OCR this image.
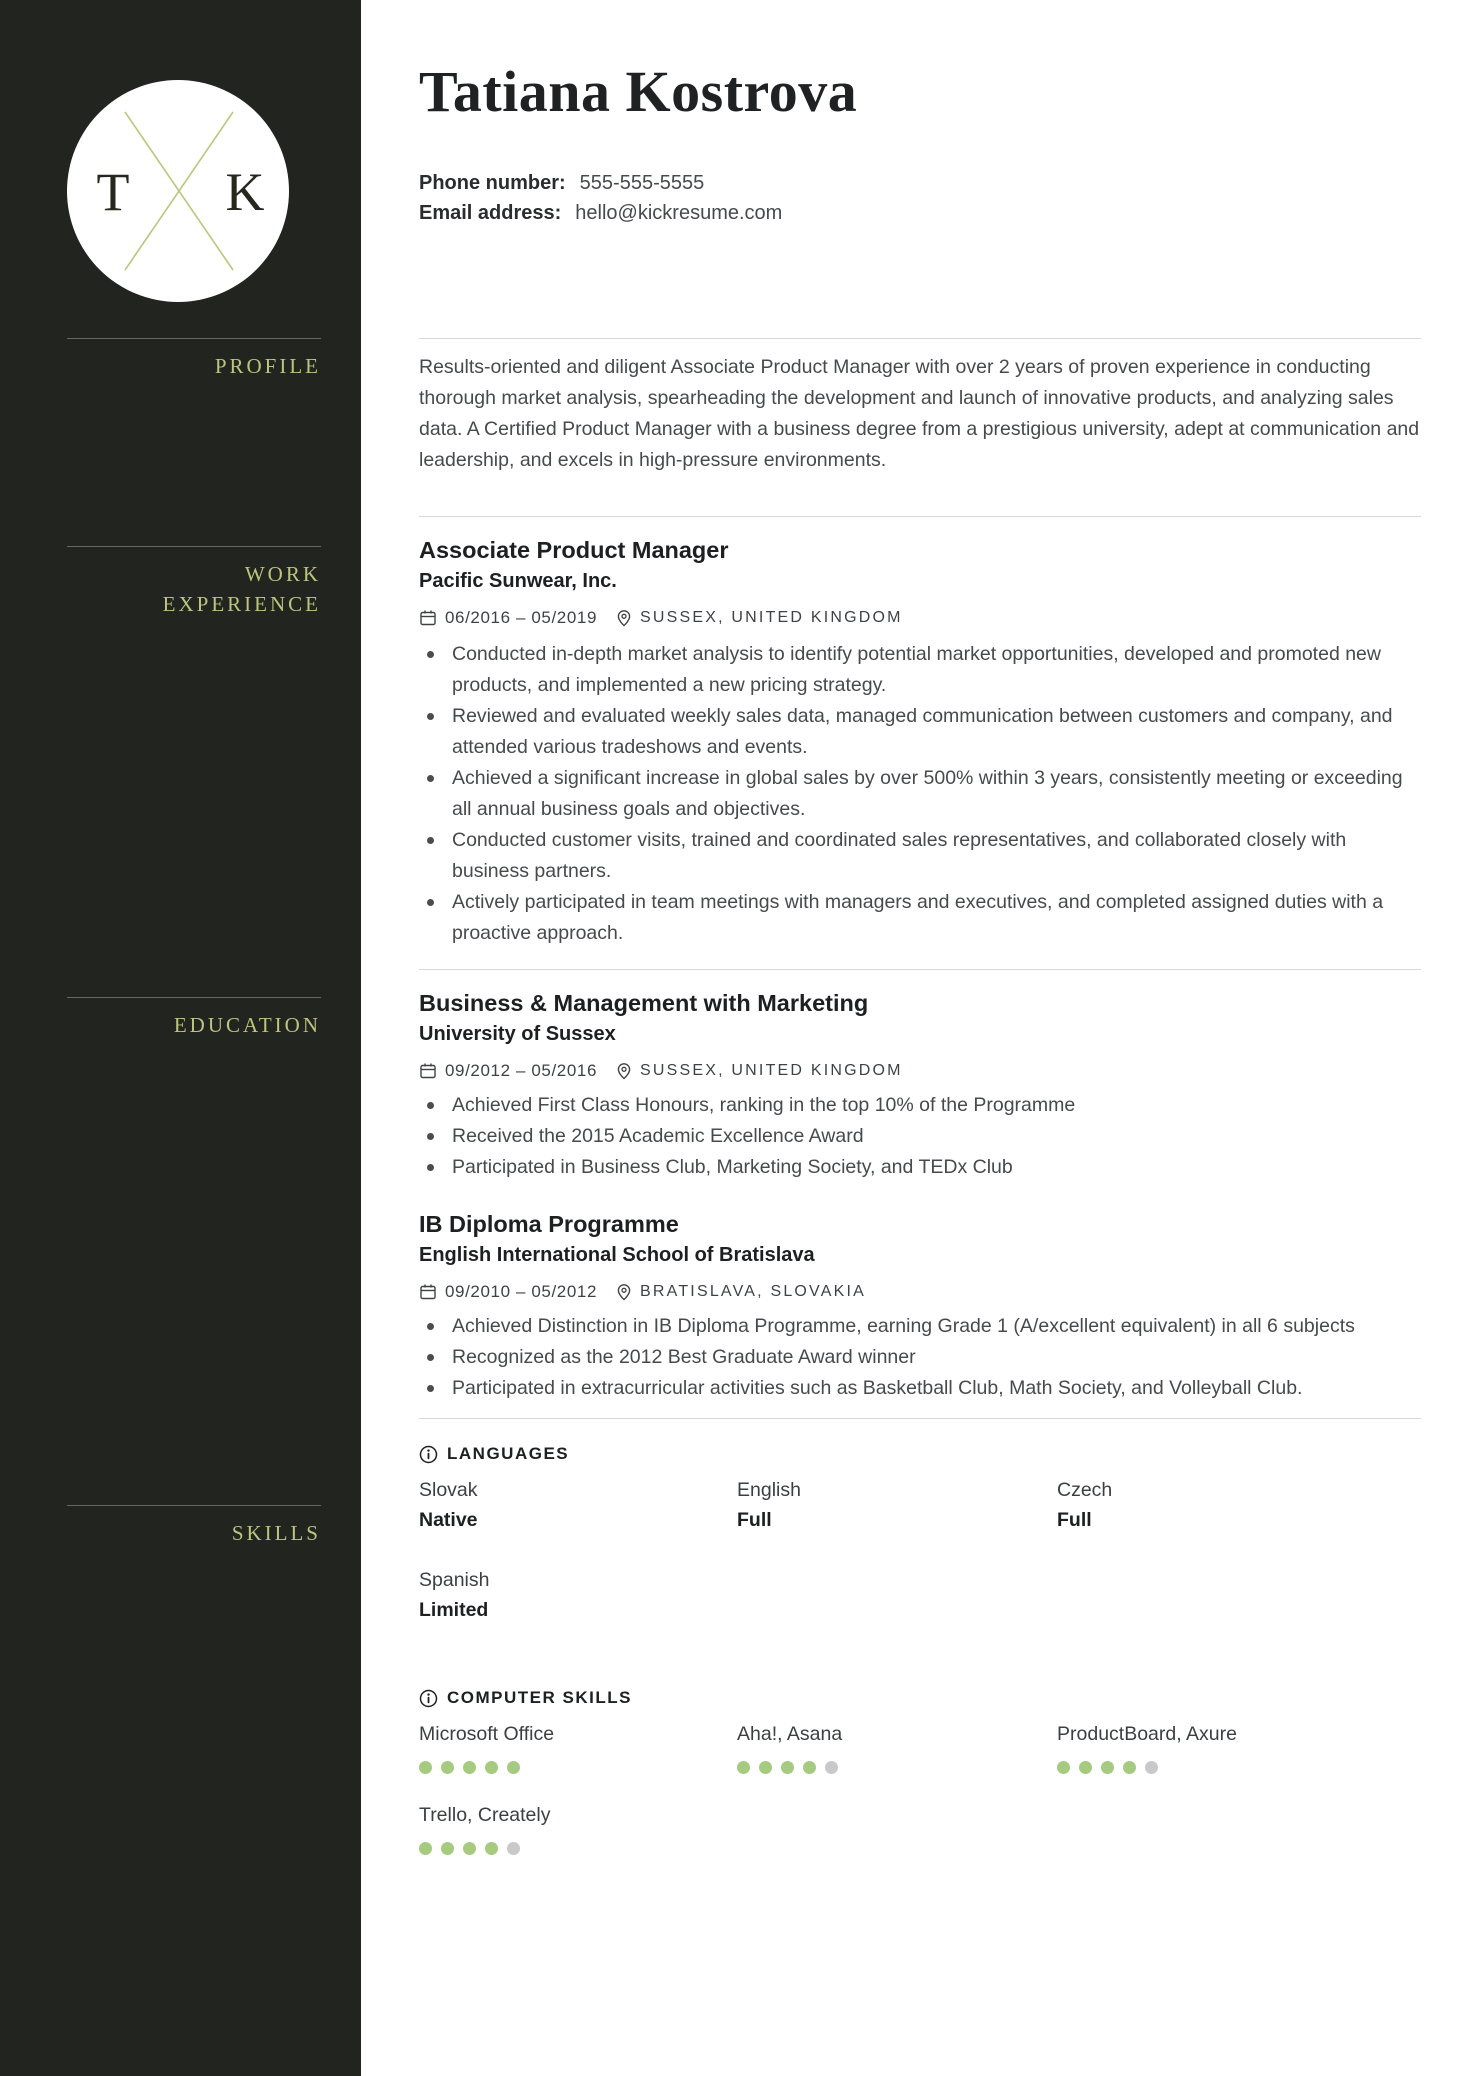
T K
PROFILE
WORK EXPERIENCE
EDUCATION
SKILLS
Tatiana Kostrova
Phone number: 555-555-5555
Email address: hello@kickresume.com

Results-oriented and diligent Associate Product Manager with over 2 years of proven experience in conducting thorough market analysis, spearheading the development and launch of innovative products, and analyzing sales data. A Certified Product Manager with a business degree from a prestigious university, adept at communication and leadership, and excels in high-pressure environments.

Associate Product Manager
Pacific Sunwear, Inc.
06/2016 – 05/2019	SUSSEX, UNITED KINGDOM
Conducted in-depth market analysis to identify potential market opportunities, developed and promoted new products, and implemented a new pricing strategy.
Reviewed and evaluated weekly sales data, managed communication between customers and company, and attended various tradeshows and events.
Achieved a significant increase in global sales by over 500% within 3 years, consistently meeting or exceeding all annual business goals and objectives.
Conducted customer visits, trained and coordinated sales representatives, and collaborated closely with business partners.
Actively participated in team meetings with managers and executives, and completed assigned duties with a proactive approach.
Business & Management with Marketing
University of Sussex
09/2012 – 05/2016	SUSSEX, UNITED KINGDOM
Achieved First Class Honours, ranking in the top 10% of the Programme
Received the 2015 Academic Excellence Award
Participated in Business Club, Marketing Society, and TEDx Club
IB Diploma Programme
English International School of Bratislava
09/2010 – 05/2012	BRATISLAVA, SLOVAKIA
Achieved Distinction in IB Diploma Programme, earning Grade 1 (A/excellent equivalent) in all 6 subjects
Recognized as the 2012 Best Graduate Award winner
Participated in extracurricular activities such as Basketball Club, Math Society, and Volleyball Club.
LANGUAGES
Slovak
Native
English
Full
Czech
Full
Spanish
Limited
COMPUTER SKILLS
Microsoft Office	Aha!, Asana	ProductBoard, Axure
Trello, Creately
